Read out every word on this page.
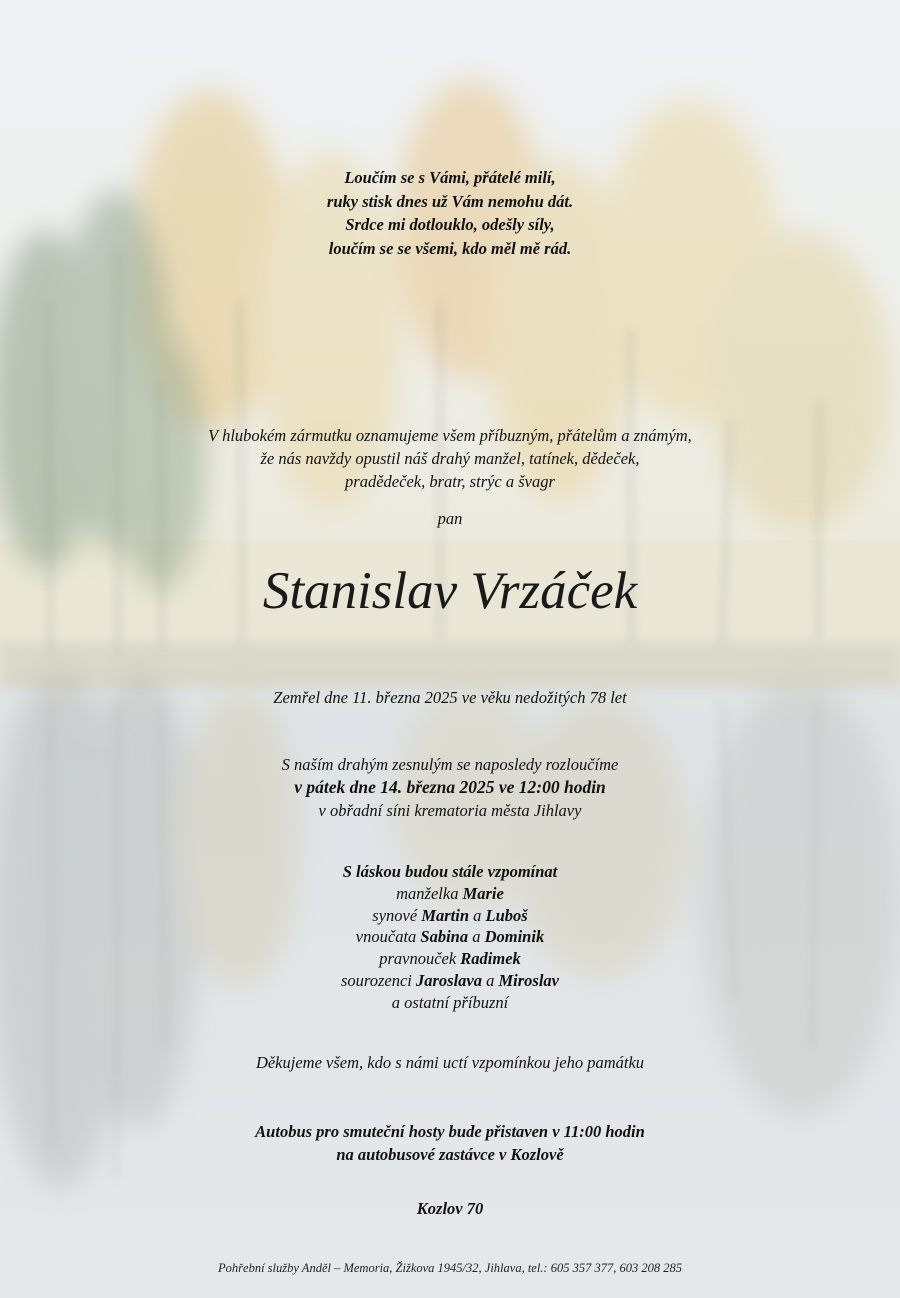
Loučím se s Vámi, přátelé milí,
ruky stisk dnes už Vám nemohu dát.
Srdce mi dotlouklo, odešly síly,
loučím se se všemi, kdo měl mě rád.
V hlubokém zármutku oznamujeme všem příbuzným, přátelům a známým,
že nás navždy opustil náš drahý manžel, tatínek, dědeček,
pradědeček, bratr, strýc a švagr
pan
Stanislav Vrzáček
Zemřel dne 11. března 2025 ve věku nedožitých 78 let
S naším drahým zesnulým se naposledy rozloučíme
v pátek dne 14. března 2025 ve 12:00 hodin
v obřadní síni krematoria města Jihlavy
S láskou budou stále vzpomínat
manželka Marie
synové Martin a Luboš
vnoučata Sabina a Dominik
pravnouček Radimek
sourozenci Jaroslava a Miroslav
a ostatní příbuzní
Děkujeme všem, kdo s námi uctí vzpomínkou jeho památku
Autobus pro smuteční hosty bude přistaven v 11:00 hodin
na autobusové zastávce v Kozlově
Kozlov 70
Pohřební služby Anděl – Memoria, Žižkova 1945/32, Jihlava, tel.: 605 357 377, 603 208 285
